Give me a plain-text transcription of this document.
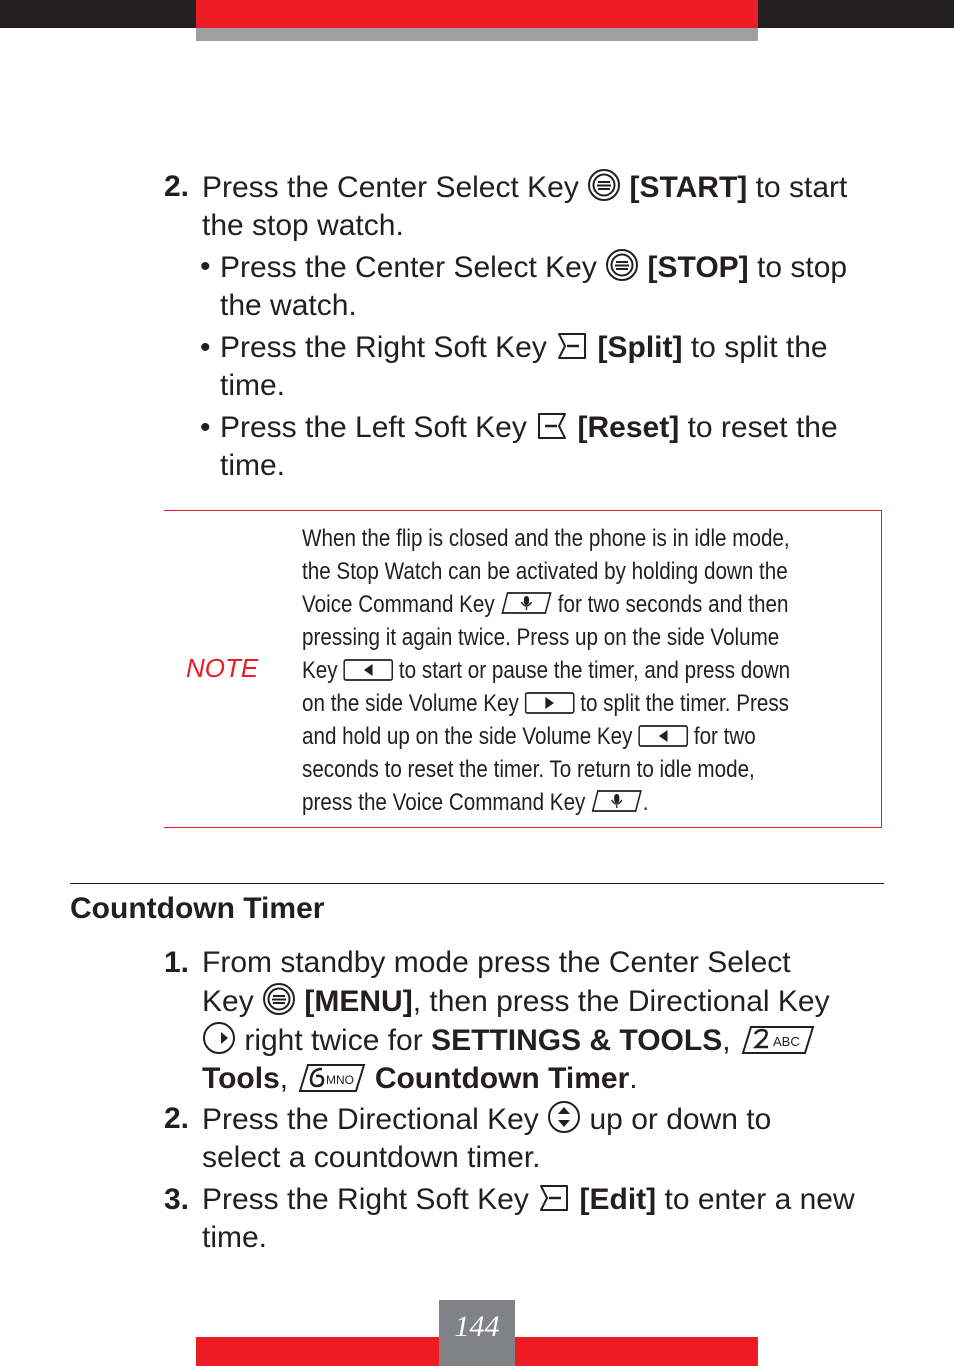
2. Press the Center Select Key [START] to start
the stop watch.
• Press the Center Select Key [STOP] to stop
the watch.
• Press the Right Soft Key [Split] to split the
time.
• Press the Left Soft Key [Reset] to reset the
time.
NOTE
When the flip is closed and the phone is in idle mode,
the Stop Watch can be activated by holding down the
Voice Command Key	for two seconds and then
pressing it again twice. Press up on the side Volume
Key	to start or pause the timer, and press down
on the side Volume Key	to split the timer. Press
and hold up on the side Volume Key	for two
seconds to reset the timer. To return to idle mode,
press the Voice Command Key .
Countdown Timer
1. From standby mode press the Center Select
Key [MENU], then press the Directional Key
right twice for SETTINGS & TOOLS,	ABC
Tools,	MNO Countdown Timer.
2. Press the Directional Key up or down to
select a countdown timer.
3. Press the Right Soft Key [Edit] to enter a new
time.
144
